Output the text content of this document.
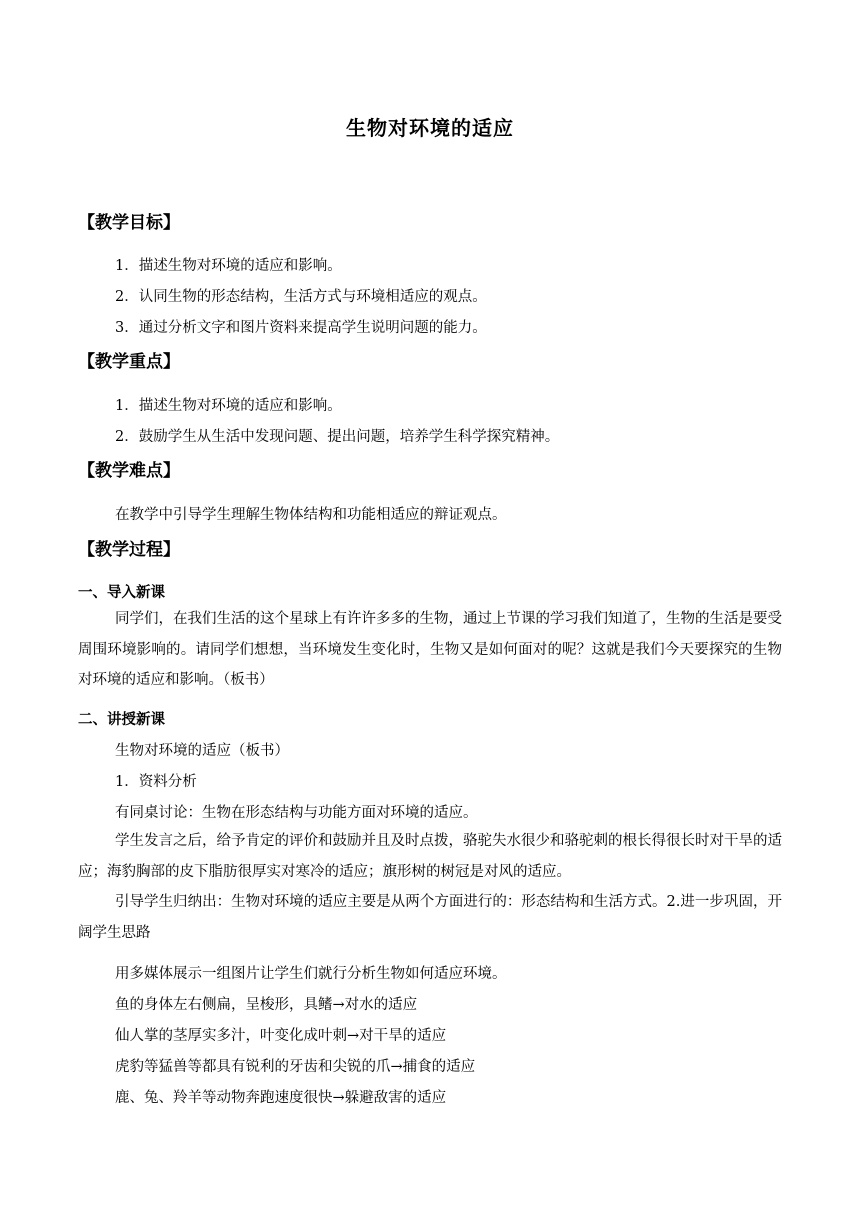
生物对环境的适应
【教学目标】
1．描述生物对环境的适应和影响。
2．认同生物的形态结构，生活方式与环境相适应的观点。
3．通过分析文字和图片资料来提高学生说明问题的能力。
【教学重点】
1．描述生物对环境的适应和影响。
2．鼓励学生从生活中发现问题、提出问题，培养学生科学探究精神。
【教学难点】
在教学中引导学生理解生物体结构和功能相适应的辩证观点。
【教学过程】
一、导入新课
同学们，在我们生活的这个星球上有许许多多的生物，通过上节课的学习我们知道了，生物的生活是要受周围环境影响的。请同学们想想，当环境发生变化时，生物又是如何面对的呢？这就是我们今天要探究的生物对环境的适应和影响。（板书）
二、讲授新课
生物对环境的适应（板书）
1．资料分析
有同桌讨论：生物在形态结构与功能方面对环境的适应。
学生发言之后，给予肯定的评价和鼓励并且及时点拨，骆驼失水很少和骆驼刺的根长得很长时对干旱的适应；海豹胸部的皮下脂肪很厚实对寒冷的适应；旗形树的树冠是对风的适应。
引导学生归纳出：生物对环境的适应主要是从两个方面进行的：形态结构和生活方式。2.进一步巩固，开阔学生思路
用多媒体展示一组图片让学生们就行分析生物如何适应环境。
鱼的身体左右侧扁，呈梭形，具鳍→对水的适应
仙人掌的茎厚实多汁，叶变化成叶刺→对干旱的适应
虎豹等猛兽等都具有锐利的牙齿和尖锐的爪→捕食的适应
鹿、兔、羚羊等动物奔跑速度很快→躲避敌害的适应
